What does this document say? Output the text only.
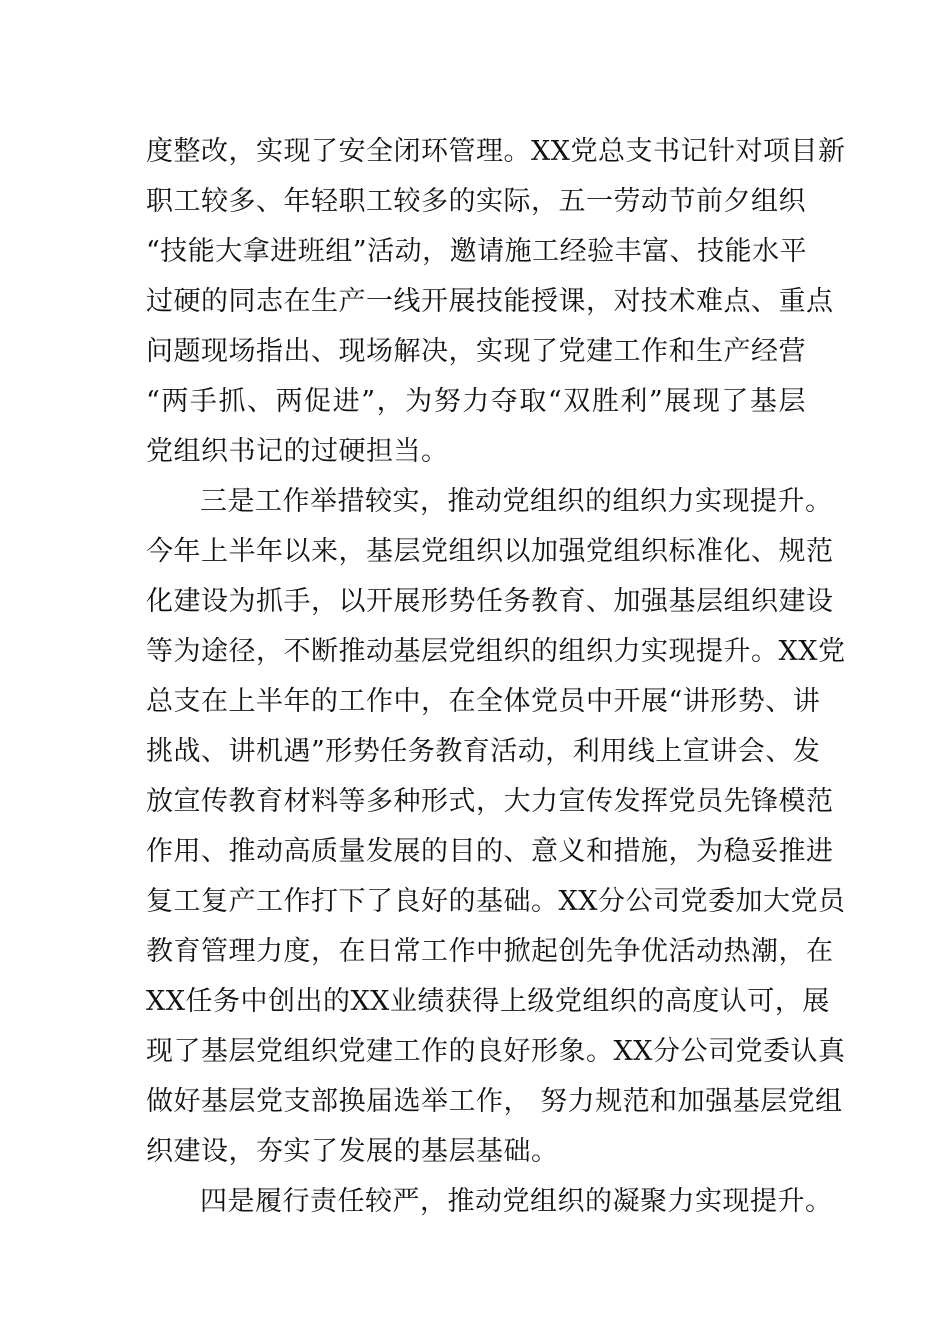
度整改，实现了安全闭环管理。XX党总支书记针对项目新
职工较多、年轻职工较多的实际，五一劳动节前夕组织
“技能大拿进班组”活动，邀请施工经验丰富、技能水平
过硬的同志在生产一线开展技能授课，对技术难点、重点
问题现场指出、现场解决，实现了党建工作和生产经营
“两手抓、两促进”，为努力夺取“双胜利”展现了基层
党组织书记的过硬担当。
三是工作举措较实，推动党组织的组织力实现提升。
今年上半年以来，基层党组织以加强党组织标准化、规范
化建设为抓手，以开展形势任务教育、加强基层组织建设
等为途径，不断推动基层党组织的组织力实现提升。XX党
总支在上半年的工作中，在全体党员中开展“讲形势、讲
挑战、讲机遇”形势任务教育活动，利用线上宣讲会、发
放宣传教育材料等多种形式，大力宣传发挥党员先锋模范
作用、推动高质量发展的目的、意义和措施，为稳妥推进
复工复产工作打下了良好的基础。XX分公司党委加大党员
教育管理力度，在日常工作中掀起创先争优活动热潮，在
XX任务中创出的XX业绩获得上级党组织的高度认可，展
现了基层党组织党建工作的良好形象。XX分公司党委认真
做好基层党支部换届选举工作， 努力规范和加强基层党组
织建设，夯实了发展的基层基础。
四是履行责任较严，推动党组织的凝聚力实现提升。
